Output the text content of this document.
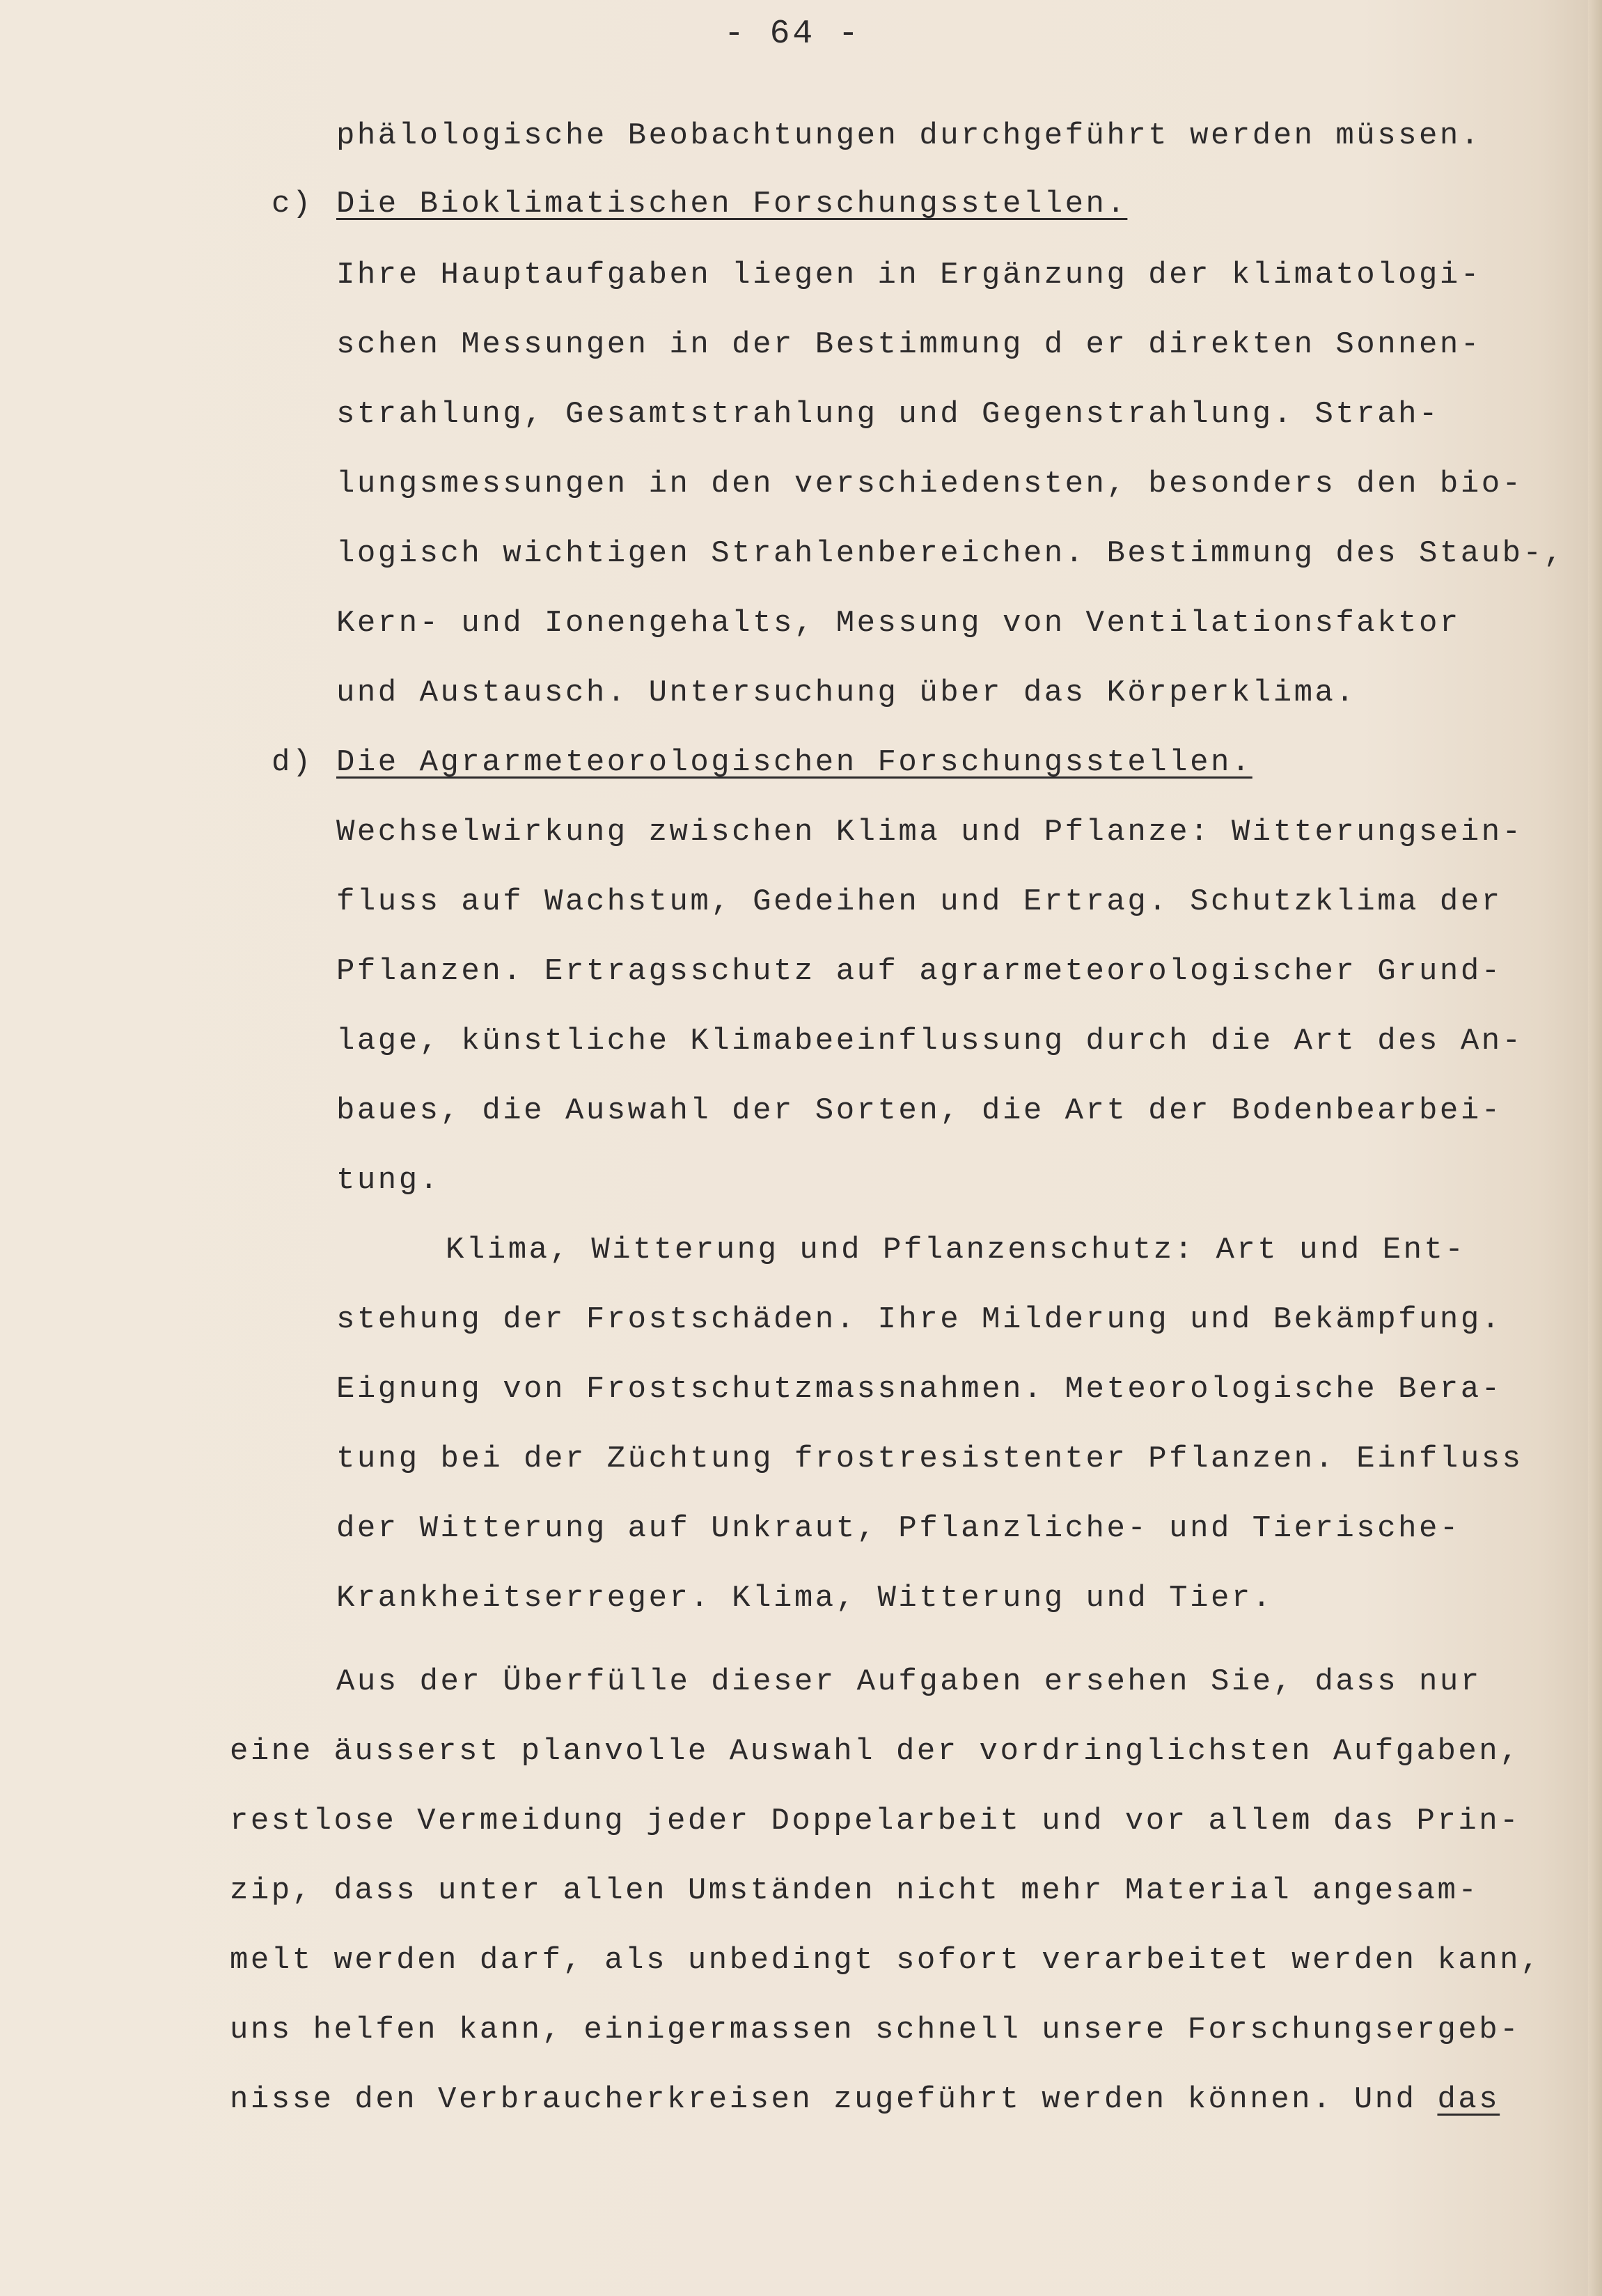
- 64 -
phälologische Beobachtungen durchgeführt werden müssen.
c) Die Bioklimatischen Forschungsstellen.
Ihre Hauptaufgaben liegen in Ergänzung der klimatologi-
schen Messungen in der Bestimmung d er direkten Sonnen-
strahlung, Gesamtstrahlung und Gegenstrahlung. Strah-
lungsmessungen in den verschiedensten, besonders den bio-
logisch wichtigen Strahlenbereichen. Bestimmung des Staub-,
Kern- und Ionengehalts, Messung von Ventilationsfaktor
und Austausch. Untersuchung über das Körperklima.
d) Die Agrarmeteorologischen Forschungsstellen.
Wechselwirkung zwischen Klima und Pflanze: Witterungsein-
fluss auf Wachstum, Gedeihen und Ertrag. Schutzklima der
Pflanzen. Ertragsschutz auf agrarmeteorologischer Grund-
lage, künstliche Klimabeeinflussung durch die Art des An-
baues, die Auswahl der Sorten, die Art der Bodenbearbei-
tung.
Klima, Witterung und Pflanzenschutz: Art und Ent-
stehung der Frostschäden. Ihre Milderung und Bekämpfung.
Eignung von Frostschutzmassnahmen. Meteorologische Bera-
tung bei der Züchtung frostresistenter Pflanzen. Einfluss
der Witterung auf Unkraut, Pflanzliche- und Tierische-
Krankheitserreger. Klima, Witterung und Tier.
Aus der Überfülle dieser Aufgaben ersehen Sie, dass nur
eine äusserst planvolle Auswahl der vordringlichsten Aufgaben,
restlose Vermeidung jeder Doppelarbeit und vor allem das Prin-
zip, dass unter allen Umständen nicht mehr Material angesam-
melt werden darf, als unbedingt sofort verarbeitet werden kann,
uns helfen kann, einigermassen schnell unsere Forschungsergeb-
nisse den Verbraucherkreisen zugeführt werden können. Und das
